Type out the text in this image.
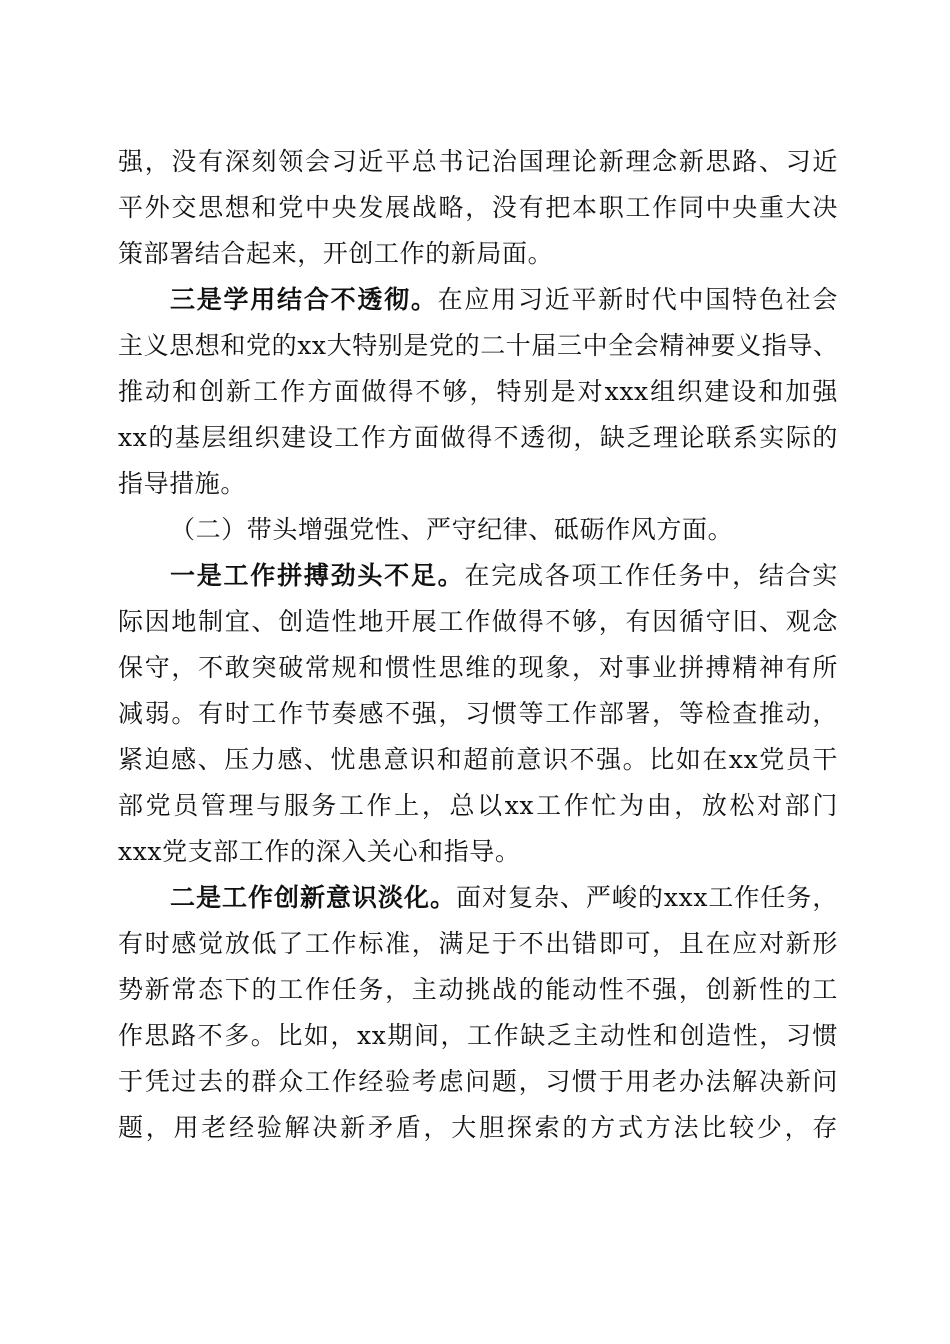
强，没有深刻领会习近平总书记治国理论新理念新思路、习近
平外交思想和党中央发展战略，没有把本职工作同中央重大决
策部署结合起来，开创工作的新局面。
三是学用结合不透彻。在应用习近平新时代中国特色社会
主义思想和党的xx大特别是党的二十届三中全会精神要义指导、
推动和创新工作方面做得不够，特别是对xxx组织建设和加强
xx的基层组织建设工作方面做得不透彻，缺乏理论联系实际的
指导措施。
（二）带头增强党性、严守纪律、砥砺作风方面。
一是工作拼搏劲头不足。在完成各项工作任务中，结合实
际因地制宜、创造性地开展工作做得不够，有因循守旧、观念
保守，不敢突破常规和惯性思维的现象，对事业拼搏精神有所
减弱。有时工作节奏感不强，习惯等工作部署，等检查推动，
紧迫感、压力感、忧患意识和超前意识不强。比如在xx党员干
部党员管理与服务工作上，总以xx工作忙为由，放松对部门
xxx党支部工作的深入关心和指导。
二是工作创新意识淡化。面对复杂、严峻的xxx工作任务，
有时感觉放低了工作标准，满足于不出错即可，且在应对新形
势新常态下的工作任务，主动挑战的能动性不强，创新性的工
作思路不多。比如，xx期间，工作缺乏主动性和创造性，习惯
于凭过去的群众工作经验考虑问题，习惯于用老办法解决新问
题，用老经验解决新矛盾，大胆探索的方式方法比较少，存
